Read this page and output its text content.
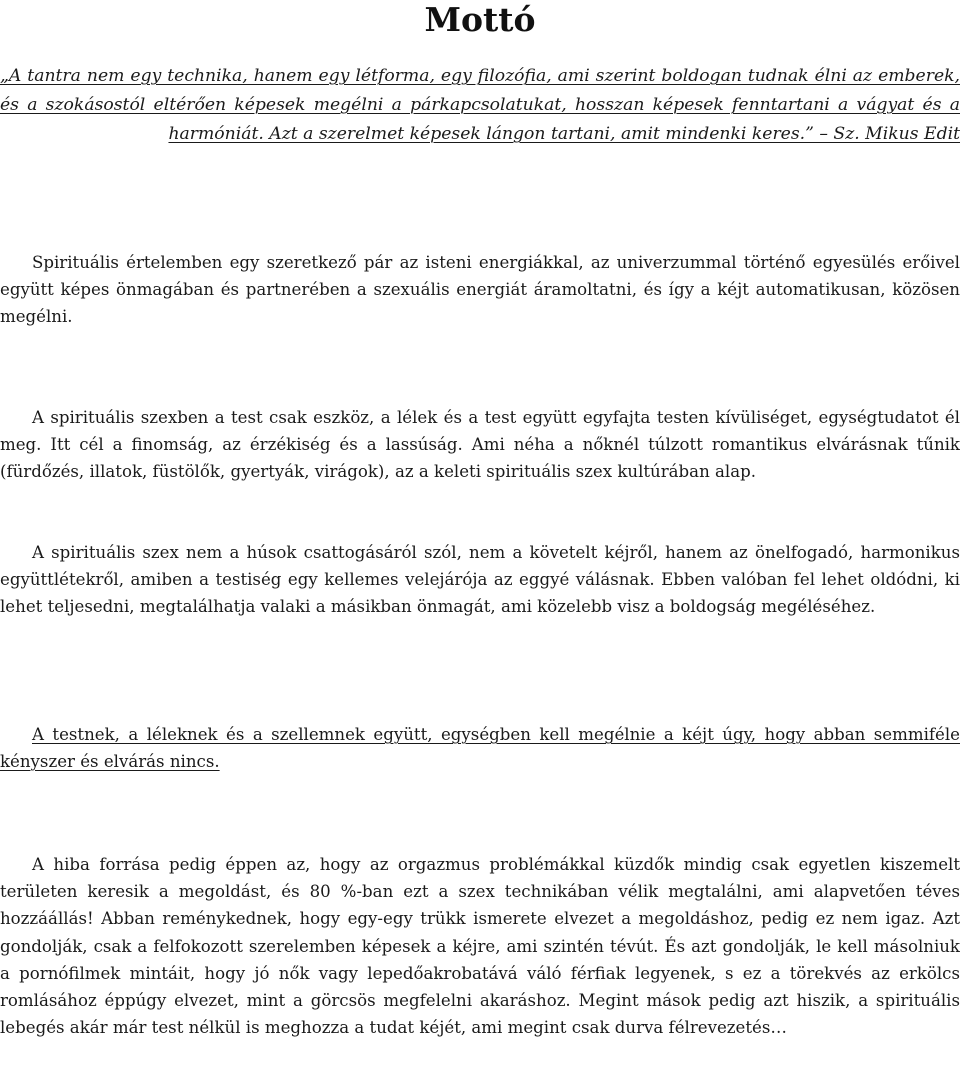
Mottó

„A tantra nem egy technika, hanem egy létforma, egy filozófia, ami szerint boldogan tudnak élni az emberek, és a szokásostól eltérően képesek megélni a párkapcsolatukat, hosszan képesek fenntartani a vágyat és a harmóniát. Azt a szerelmet képesek lángon tartani, amit mindenki keres.” – Sz. Mikus Edit

Spirituális értelemben egy szeretkező pár az isteni energiákkal, az univerzummal történő egyesülés erőivel együtt képes önmagában és partnerében a szexuális energiát áramoltatni, és így a kéjt automatikusan, közösen megélni.

A spirituális szexben a test csak eszköz, a lélek és a test együtt egyfajta testen kívüliséget, egységtudatot él meg. Itt cél a finomság, az érzékiség és a lassúság. Ami néha a nőknél túlzott romantikus elvárásnak tűnik (fürdőzés, illatok, füstölők, gyertyák, virágok), az a keleti spirituális szex kultúrában alap.

A spirituális szex nem a húsok csattogásáról szól, nem a követelt kéjről, hanem az önelfogadó, harmonikus együttlétekről, amiben a testiség egy kellemes velejárója az eggyé válásnak. Ebben valóban fel lehet oldódni, ki lehet teljesedni, megtalálhatja valaki a másikban önmagát, ami közelebb visz a boldogság megéléséhez.

A testnek, a léleknek és a szellemnek együtt, egységben kell megélnie a kéjt úgy, hogy abban semmiféle kényszer és elvárás nincs.

A hiba forrása pedig éppen az, hogy az orgazmus problémákkal küzdők mindig csak egyetlen kiszemelt területen keresik a megoldást, és 80 %-ban ezt a szex technikában vélik megtalálni, ami alapvetően téves hozzáállás! Abban reménykednek, hogy egy-egy trükk ismerete elvezet a megoldáshoz, pedig ez nem igaz. Azt gondolják, csak a felfokozott szerelemben képesek a kéjre, ami szintén tévút. És azt gondolják, le kell másolniuk a pornófilmek mintáit, hogy jó nők vagy lepedőakrobatává váló férfiak legyenek, s ez a törekvés az erkölcs romlásához éppúgy elvezet, mint a görcsös megfelelni akaráshoz. Megint mások pedig azt hiszik, a spirituális lebegés akár már test nélkül is meghozza a tudat kéjét, ami megint csak durva félrevezetés…
